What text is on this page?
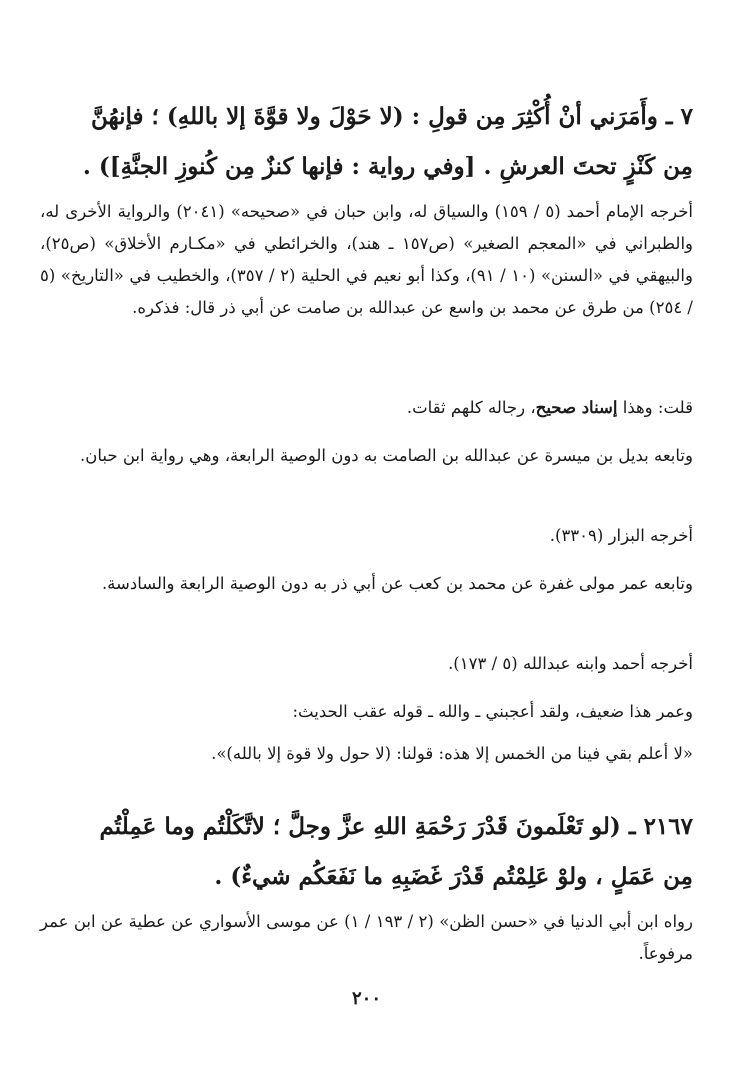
٧ ـ وأَمَرَني أنْ أُكْثِرَ مِن قولِ : (لا حَوْلَ ولا قوَّةَ إلا باللهِ) ؛ فإنهُنَّ
مِن كَنْزٍ تحتَ العرشِ . [وفي رواية : فإنها كنزٌ مِن كُنوزِ الجنَّةِ]) .

أخرجه الإمام أحمد (٥ / ١٥٩) والسياق له، وابن حبان في «صحيحه» (٢٠٤١) والرواية الأخرى له، والطبراني في «المعجم الصغير» (ص١٥٧ ـ هند)، والخرائطي في «مكـارم الأخلاق» (ص٢٥)، والبيهقي في «السنن» (١٠ / ٩١)، وكذا أبو نعيم في الحلية (٢ / ٣٥٧)، والخطيب في «التاريخ» (٥ / ٢٥٤) من طرق عن محمد بن واسع عن عبدالله بن صامت عن أبي ذر قال: فذكره.

قلت: وهذا إسناد صحيح، رجاله كلهم ثقات.

وتابعه بديل بن ميسرة عن عبدالله بن الصامت به دون الوصية الرابعة، وهي رواية ابن حبان.

أخرجه البزار (٣٣٠٩).

وتابعه عمر مولى غفرة عن محمد بن كعب عن أبي ذر به دون الوصية الرابعة والسادسة.

أخرجه أحمد وابنه عبدالله (٥ / ١٧٣).

وعمر هذا ضعيف، ولقد أعجبني ـ والله ـ قوله عقب الحديث:

«لا أعلم بقي فينا من الخمس إلا هذه: قولنا: (لا حول ولا قوة إلا بالله)».

٢١٦٧ ـ (لو تَعْلَمونَ قَدْرَ رَحْمَةِ اللهِ عزَّ وجلَّ ؛ لاتَّكَلْتُم وما عَمِلْتُم
مِن عَمَلٍ ، ولوْ عَلِمْتُم قَدْرَ غَضَبِهِ ما نَفَعَكُم شيءٌ) .

رواه ابن أبي الدنيا في «حسن الظن» (٢ / ١٩٣ / ١) عن موسى الأسواري عن عطية عن ابن عمر مرفوعاً.

٢٠٠
